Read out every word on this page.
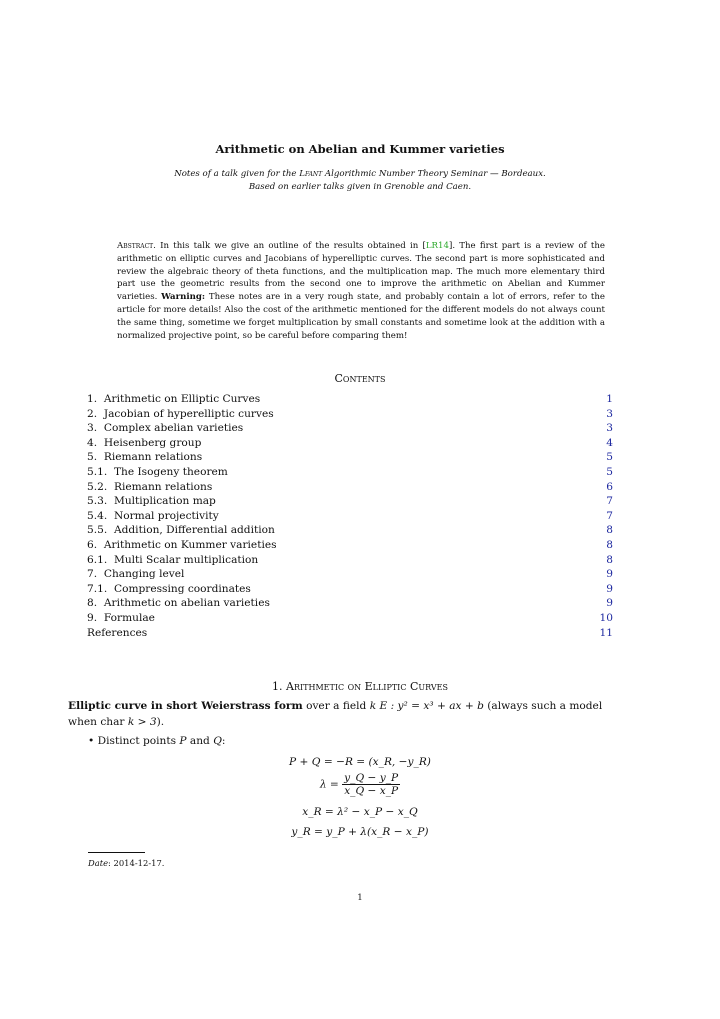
Arithmetic on Abelian and Kummer varieties
Notes of a talk given for the Lfant Algorithmic Number Theory Seminar — Bordeaux.
Based on earlier talks given in Grenoble and Caen.
Abstract. In this talk we give an outline of the results obtained in [LR14]. The first part is a review of the arithmetic on elliptic curves and Jacobians of hyperelliptic curves. The second part is more sophisticated and review the algebraic theory of theta functions, and the multiplication map. The much more elementary third part use the geometric results from the second one to improve the arithmetic on Abelian and Kummer varieties. Warning: These notes are in a very rough state, and probably contain a lot of errors, refer to the article for more details! Also the cost of the arithmetic mentioned for the different models do not always count the same thing, sometime we forget multiplication by small constants and sometime look at the addition with a normalized projective point, so be careful before comparing them!
Contents
1. Arithmetic on Elliptic Curves	1
2. Jacobian of hyperelliptic curves	3
3. Complex abelian varieties	3
4. Heisenberg group	4
5. Riemann relations	5
5.1. The Isogeny theorem	5
5.2. Riemann relations	6
5.3. Multiplication map	7
5.4. Normal projectivity	7
5.5. Addition, Differential addition	8
6. Arithmetic on Kummer varieties	8
6.1. Multi Scalar multiplication	8
7. Changing level	9
7.1. Compressing coordinates	9
8. Arithmetic on abelian varieties	9
9. Formulae	10
References	11
1. Arithmetic on Elliptic Curves
Elliptic curve in short Weierstrass form over a field k E : y² = x³ + ax + b (always such a model when char k > 3).
• Distinct points P and Q:
P + Q = −R = (x_R, −y_R)
$\lambda = \frac{y\_Q - y\_P}{x\_Q - x\_P}$
x_R = λ² − x_P − x_Q
y_R = y_P + λ(x_R − x_P)
Date: 2014-12-17.
1
